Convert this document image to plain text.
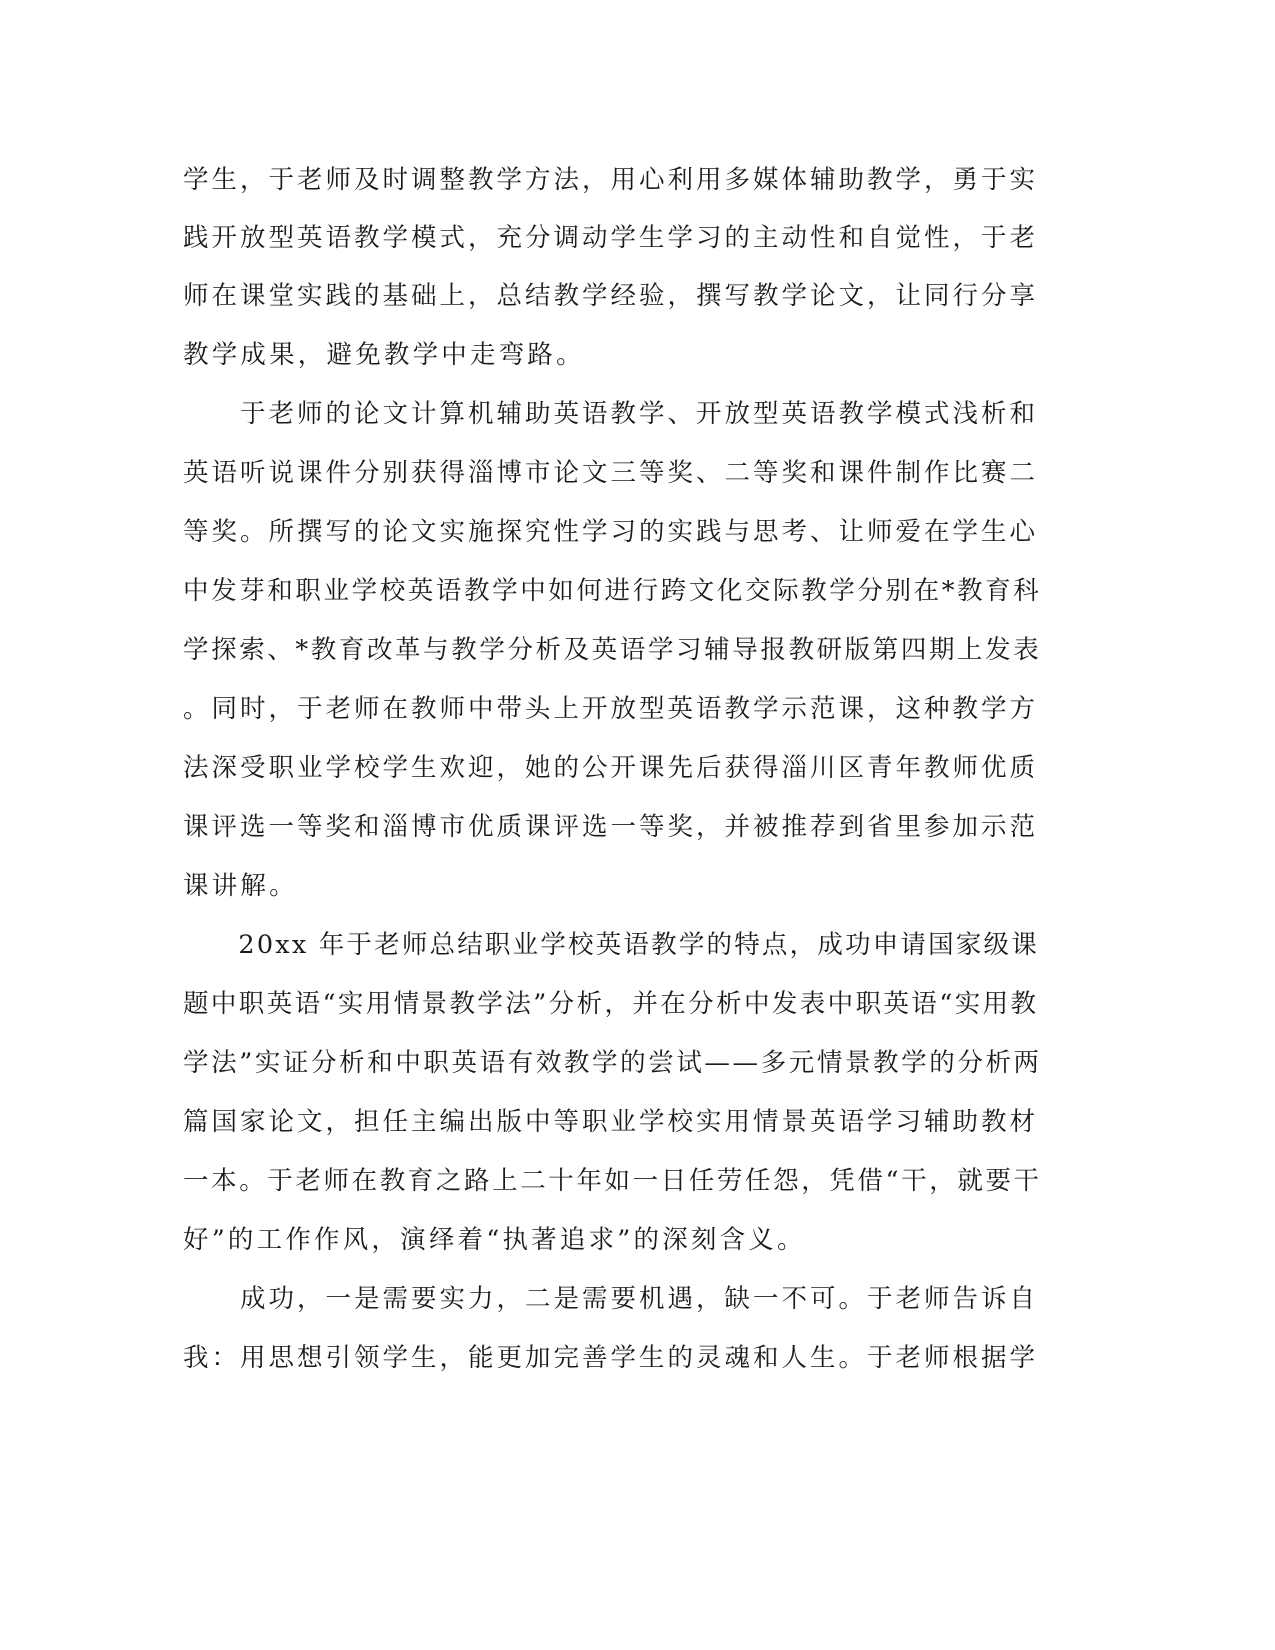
学生，于老师及时调整教学方法，用心利用多媒体辅助教学，勇于实
践开放型英语教学模式，充分调动学生学习的主动性和自觉性，于老
师在课堂实践的基础上，总结教学经验，撰写教学论文，让同行分享
教学成果，避免教学中走弯路。
　　于老师的论文计算机辅助英语教学、开放型英语教学模式浅析和
英语听说课件分别获得淄博市论文三等奖、二等奖和课件制作比赛二
等奖。所撰写的论文实施探究性学习的实践与思考、让师爱在学生心
中发芽和职业学校英语教学中如何进行跨文化交际教学分别在*教育科
学探索、*教育改革与教学分析及英语学习辅导报教研版第四期上发表
。同时，于老师在教师中带头上开放型英语教学示范课，这种教学方
法深受职业学校学生欢迎，她的公开课先后获得淄川区青年教师优质
课评选一等奖和淄博市优质课评选一等奖，并被推荐到省里参加示范
课讲解。
　　20xx 年于老师总结职业学校英语教学的特点，成功申请国家级课
题中职英语“实用情景教学法”分析，并在分析中发表中职英语“实用教
学法”实证分析和中职英语有效教学的尝试——多元情景教学的分析两
篇国家论文，担任主编出版中等职业学校实用情景英语学习辅助教材
一本。于老师在教育之路上二十年如一日任劳任怨，凭借“干，就要干
好”的工作作风，演绎着“执著追求”的深刻含义。
　　成功，一是需要实力，二是需要机遇，缺一不可。于老师告诉自
我：用思想引领学生，能更加完善学生的灵魂和人生。于老师根据学
